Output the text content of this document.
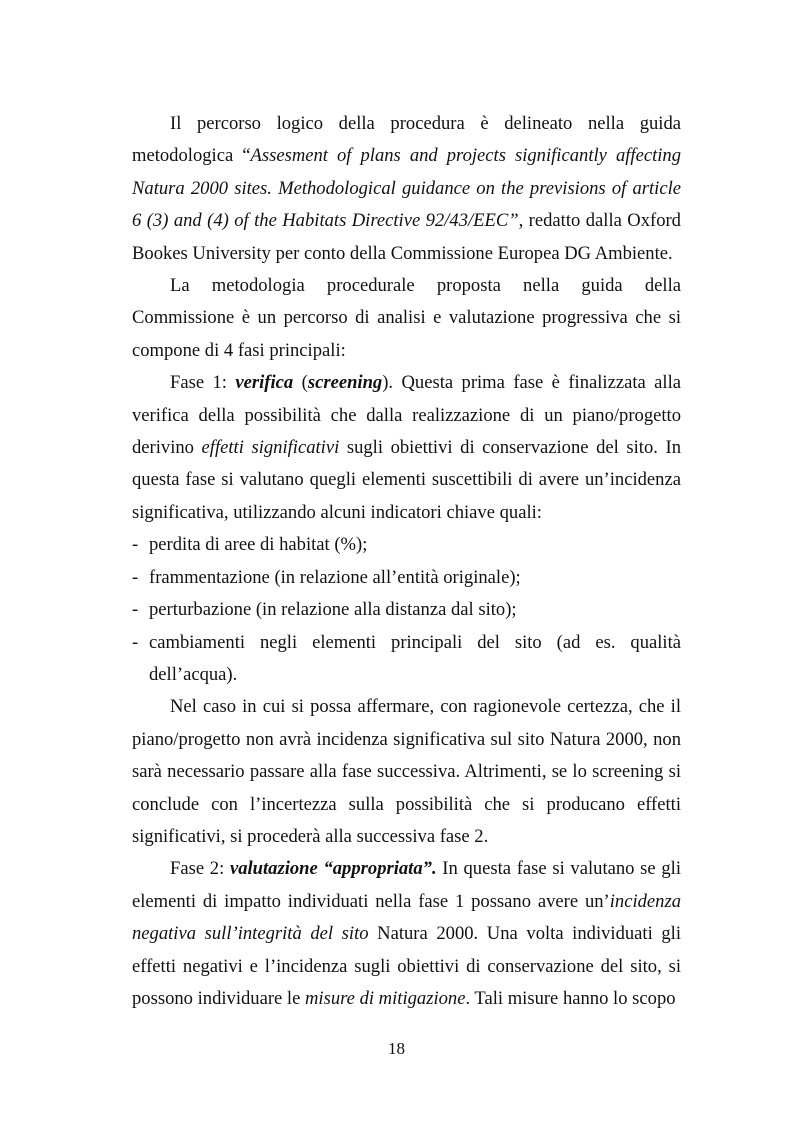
Il percorso logico della procedura è delineato nella guida metodologica “Assesment of plans and projects significantly affecting Natura 2000 sites. Methodological guidance on the previsions of article 6 (3) and (4) of the Habitats Directive 92/43/EEC”, redatto dalla Oxford Bookes University per conto della Commissione Europea DG Ambiente.

La metodologia procedurale proposta nella guida della Commissione è un percorso di analisi e valutazione progressiva che si compone di 4 fasi principali:

Fase 1: verifica (screening). Questa prima fase è finalizzata alla verifica della possibilità che dalla realizzazione di un piano/progetto derivino effetti significativi sugli obiettivi di conservazione del sito. In questa fase si valutano quegli elementi suscettibili di avere un’incidenza significativa, utilizzando alcuni indicatori chiave quali:

- perdita di aree di habitat (%);
- frammentazione (in relazione all’entità originale);
- perturbazione (in relazione alla distanza dal sito);
- cambiamenti negli elementi principali del sito (ad es. qualità dell’acqua).

Nel caso in cui si possa affermare, con ragionevole certezza, che il piano/progetto non avrà incidenza significativa sul sito Natura 2000, non sarà necessario passare alla fase successiva. Altrimenti, se lo screening si conclude con l’incertezza sulla possibilità che si producano effetti significativi, si procederà alla successiva fase 2.

Fase 2: valutazione “appropriata”. In questa fase si valutano se gli elementi di impatto individuati nella fase 1 possano avere un’incidenza negativa sull’integrità del sito Natura 2000. Una volta individuati gli effetti negativi e l’incidenza sugli obiettivi di conservazione del sito, si possono individuare le misure di mitigazione. Tali misure hanno lo scopo

18
